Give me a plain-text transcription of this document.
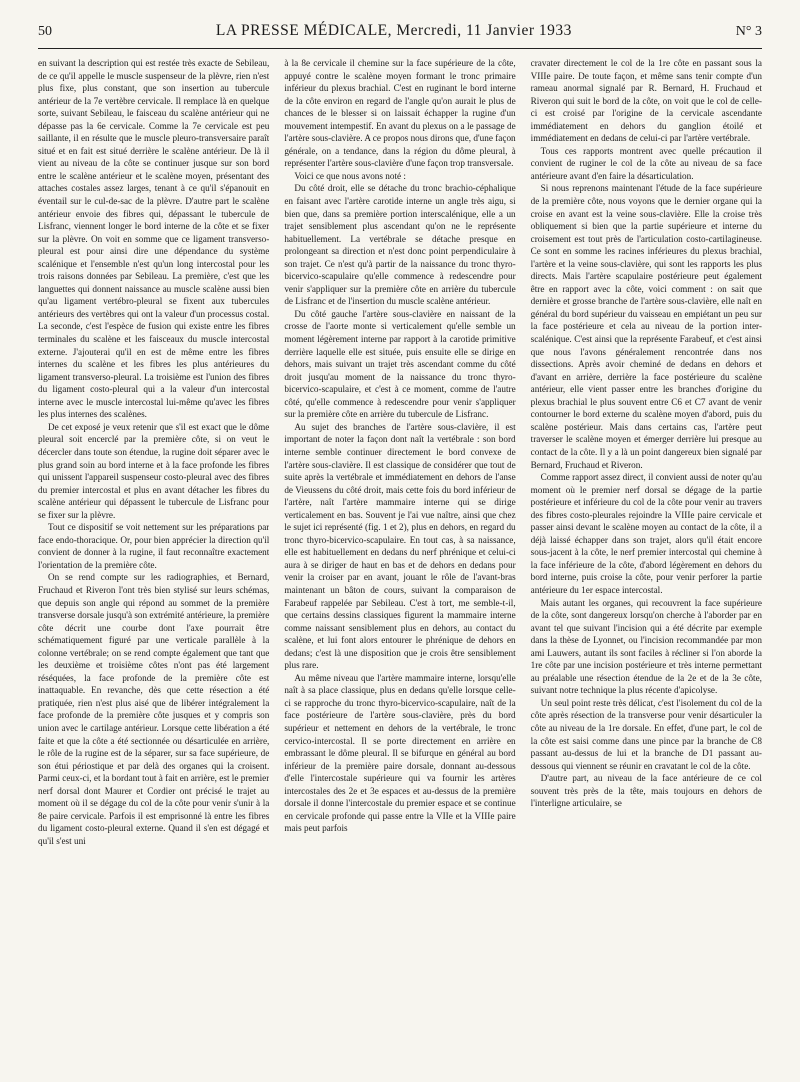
50	LA PRESSE MÉDICALE, Mercredi, 11 Janvier 1933	N° 3

en suivant la description qui est restée très exacte de Sebileau, de ce qu'il appelle le muscle suspenseur de la plèvre, rien n'est plus fixe, plus constant, que son insertion au tubercule antérieur de la 7e vertèbre cervicale. Il remplace là en quelque sorte, suivant Sebileau, le faisceau du scalène antérieur qui ne dépasse pas la 6e cervicale. Comme la 7e cervicale est peu saillante, il en résulte que le muscle pleuro-transversaire paraît situé et en fait est situé derrière le scalène antérieur. De là il vient au niveau de la côte se continuer jusque sur son bord entre le scalène antérieur et le scalène moyen, présentant des attaches costales assez larges, tenant à ce qu'il s'épanouit en éventail sur le cul-de-sac de la plèvre. D'autre part le scalène antérieur envoie des fibres qui, dépassant le tubercule de Lisfranc, viennent longer le bord interne de la côte et se fixer sur la plèvre. On voit en somme que ce ligament transverso-pleural est pour ainsi dire une dépendance du système scalénique et l'ensemble n'est qu'un long intercostal pour les trois raisons données par Sebileau. La première, c'est que les languettes qui donnent naissance au muscle scalène aussi bien qu'au ligament vertébro-pleural se fixent aux tubercules antérieurs des vertèbres qui ont la valeur d'un processus costal. La seconde, c'est l'espèce de fusion qui existe entre les fibres terminales du scalène et les faisceaux du muscle intercostal externe. J'ajouterai qu'il en est de même entre les fibres internes du scalène et les fibres les plus antérieures du ligament transverso-pleural. La troisième est l'union des fibres du ligament costo-pleural qui a la valeur d'un intercostal interne avec le muscle intercostal lui-même qu'avec les fibres les plus internes des scalènes.

De cet exposé je veux retenir que s'il est exact que le dôme pleural soit encerclé par la première côte, si on veut le décercler dans toute son étendue, la rugine doit séparer avec le plus grand soin au bord interne et à la face profonde les fibres qui unissent l'appareil suspenseur costo-pleural avec des fibres du premier intercostal et plus en avant détacher les fibres du scalène antérieur qui dépassent le tubercule de Lisfranc pour se fixer sur la plèvre.

Tout ce dispositif se voit nettement sur les préparations par face endo-thoracique. Or, pour bien apprécier la direction qu'il convient de donner à la rugine, il faut reconnaître exactement l'orientation de la première côte.

On se rend compte sur les radiographies, et Bernard, Fruchaud et Riveron l'ont très bien stylisé sur leurs schémas, que depuis son angle qui répond au sommet de la première transverse dorsale jusqu'à son extrémité antérieure, la première côte décrit une courbe dont l'axe pourrait être schématiquement figuré par une verticale parallèle à la colonne vertébrale; on se rend compte également que tant que les deuxième et troisième côtes n'ont pas été largement réséquées, la face profonde de la première côte est inattaquable. En revanche, dès que cette résection a été pratiquée, rien n'est plus aisé que de libérer intégralement la face profonde de la première côte jusques et y compris son union avec le cartilage antérieur. Lorsque cette libération a été faite et que la côte a été sectionnée ou désarticulée en arrière, le rôle de la rugine est de la séparer, sur sa face supérieure, de son étui périostique et par delà des organes qui la croisent. Parmi ceux-ci, et la bordant tout à fait en arrière, est le premier nerf dorsal dont Maurer et Cordier ont précisé le trajet au moment où il se dégage du col de la côte pour venir s'unir à la 8e paire cervicale. Parfois il est emprisonné là entre les fibres du ligament costo-pleural externe. Quand il s'en est dégagé et qu'il s'est uni

à la 8e cervicale il chemine sur la face supérieure de la côte, appuyé contre le scalène moyen formant le tronc primaire inférieur du plexus brachial. C'est en ruginant le bord interne de la côte environ en regard de l'angle qu'on aurait le plus de chances de le blesser si on laissait échapper la rugine d'un mouvement intempestif. En avant du plexus on a le passage de l'artère sous-clavière. A ce propos nous dirons que, d'une façon générale, on a tendance, dans la région du dôme pleural, à représenter l'artère sous-clavière d'une façon trop transversale.

Voici ce que nous avons noté :

Du côté droit, elle se détache du tronc brachio-céphalique en faisant avec l'artère carotide interne un angle très aigu, si bien que, dans sa première portion interscalénique, elle a un trajet sensiblement plus ascendant qu'on ne le représente habituellement. La vertébrale se détache presque en prolongeant sa direction et n'est donc point perpendiculaire à son trajet. Ce n'est qu'à partir de la naissance du tronc thyro-bicervico-scapulaire qu'elle commence à redescendre pour venir s'appliquer sur la première côte en arrière du tubercule de Lisfranc et de l'insertion du muscle scalène antérieur.

Du côté gauche l'artère sous-clavière en naissant de la crosse de l'aorte monte si verticalement qu'elle semble un moment légèrement interne par rapport à la carotide primitive derrière laquelle elle est située, puis ensuite elle se dirige en dehors, mais suivant un trajet très ascendant comme du côté droit jusqu'au moment de la naissance du tronc thyro-bicervico-scapulaire, et c'est à ce moment, comme de l'autre côté, qu'elle commence à redescendre pour venir s'appliquer sur la première côte en arrière du tubercule de Lisfranc.

Au sujet des branches de l'artère sous-clavière, il est important de noter la façon dont naît la vertébrale : son bord interne semble continuer directement le bord convexe de l'artère sous-clavière. Il est classique de considérer que tout de suite après la vertébrale et immédiatement en dehors de l'anse de Vieussens du côté droit, mais cette fois du bord inférieur de l'artère, naît l'artère mammaire interne qui se dirige verticalement en bas. Souvent je l'ai vue naître, ainsi que chez le sujet ici représenté (fig. 1 et 2), plus en dehors, en regard du tronc thyro-bicervico-scapulaire. En tout cas, à sa naissance, elle est habituellement en dedans du nerf phrénique et celui-ci aura à se diriger de haut en bas et de dehors en dedans pour venir la croiser par en avant, jouant le rôle de l'avant-bras maintenant un bâton de cours, suivant la comparaison de Farabeuf rappelée par Sebileau. C'est à tort, me semble-t-il, que certains dessins classiques figurent la mammaire interne comme naissant sensiblement plus en dehors, au contact du scalène, et lui font alors entourer le phrénique de dehors en dedans; c'est là une disposition que je crois être sensiblement plus rare.

Au même niveau que l'artère mammaire interne, lorsqu'elle naît à sa place classique, plus en dedans qu'elle lorsque celle-ci se rapproche du tronc thyro-bicervico-scapulaire, naît de la face postérieure de l'artère sous-clavière, près du bord supérieur et nettement en dehors de la vertébrale, le tronc cervico-intercostal. Il se porte directement en arrière en embrassant le dôme pleural. Il se bifurque en général au bord inférieur de la première paire dorsale, donnant au-dessous d'elle l'intercostale supérieure qui va fournir les artères intercostales des 2e et 3e espaces et au-dessus de la première dorsale il donne l'intercostale du premier espace et se continue en cervicale profonde qui passe entre la VIIe et la VIIIe paire mais peut parfois

cravater directement le col de la 1re côte en passant sous la VIIIe paire. De toute façon, et même sans tenir compte d'un rameau anormal signalé par R. Bernard, H. Fruchaud et Riveron qui suit le bord de la côte, on voit que le col de celle-ci est croisé par l'origine de la cervicale ascendante immédiatement en dehors du ganglion étoilé et immédiatement en dedans de celui-ci par l'artère vertébrale.

Tous ces rapports montrent avec quelle précaution il convient de ruginer le col de la côte au niveau de sa face antérieure avant d'en faire la désarticulation.

Si nous reprenons maintenant l'étude de la face supérieure de la première côte, nous voyons que le dernier organe qui la croise en avant est la veine sous-clavière. Elle la croise très obliquement si bien que la partie supérieure et interne du croisement est tout près de l'articulation costo-cartilagineuse. Ce sont en somme les racines inférieures du plexus brachial, l'artère et la veine sous-clavière, qui sont les rapports les plus directs. Mais l'artère scapulaire postérieure peut également être en rapport avec la côte, voici comment : on sait que dernière et grosse branche de l'artère sous-clavière, elle naît en général du bord supérieur du vaisseau en empiétant un peu sur la face postérieure et cela au niveau de la portion inter-scalénique. C'est ainsi que la représente Farabeuf, et c'est ainsi que nous l'avons généralement rencontrée dans nos dissections. Après avoir cheminé de dedans en dehors et d'avant en arrière, derrière la face postérieure du scalène antérieur, elle vient passer entre les branches d'origine du plexus brachial le plus souvent entre C6 et C7 avant de venir contourner le bord externe du scalène moyen d'abord, puis du scalène postérieur. Mais dans certains cas, l'artère peut traverser le scalène moyen et émerger derrière lui presque au contact de la côte. Il y a là un point dangereux bien signalé par Bernard, Fruchaud et Riveron.

Comme rapport assez direct, il convient aussi de noter qu'au moment où le premier nerf dorsal se dégage de la partie postérieure et inférieure du col de la côte pour venir au travers des fibres costo-pleurales rejoindre la VIIIe paire cervicale et passer ainsi devant le scalène moyen au contact de la côte, il a déjà laissé échapper dans son trajet, alors qu'il était encore sous-jacent à la côte, le nerf premier intercostal qui chemine à la face inférieure de la côte, d'abord légèrement en dehors du bord interne, puis croise la côte, pour venir perforer la partie antérieure du 1er espace intercostal.

Mais autant les organes, qui recouvrent la face supérieure de la côte, sont dangereux lorsqu'on cherche à l'aborder par en avant tel que suivant l'incision qui a été décrite par exemple dans la thèse de Lyonnet, ou l'incision recommandée par mon ami Lauwers, autant ils sont faciles à récliner si l'on aborde la 1re côte par une incision postérieure et très interne permettant au préalable une résection étendue de la 2e et de la 3e côte, suivant notre technique la plus récente d'apicolyse.

Un seul point reste très délicat, c'est l'isolement du col de la côte après résection de la transverse pour venir désarticuler la côte au niveau de la 1re dorsale. En effet, d'une part, le col de la côte est saisi comme dans une pince par la branche de C8 passant au-dessus de lui et la branche de D1 passant au-dessous qui viennent se réunir en cravatant le col de la côte.

D'autre part, au niveau de la face antérieure de ce col souvent très près de la tête, mais toujours en dehors de l'interligne articulaire, se
